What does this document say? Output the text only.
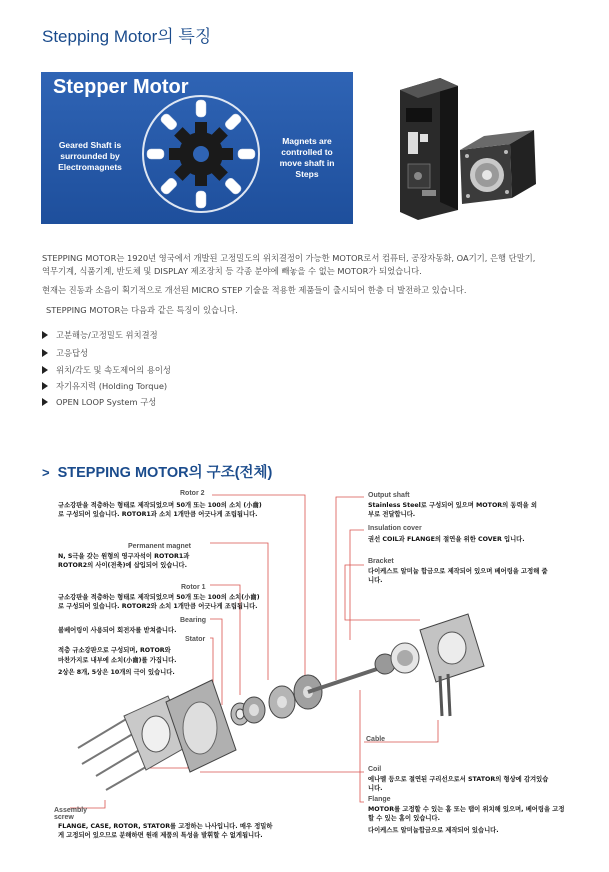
Stepping Motor의 특징
Stepper Motor
Geared Shaft is surrounded by Electromagnets
Magnets are controlled to move shaft in Steps
STEPPING MOTOR는 1920년 영국에서 개발된 고정밀도의 위치결정이 가능한 MOTOR로서 컴퓨터, 공장자동화, OA기기, 은행 단말기,
역무기계, 식품기계, 반도체 및 DISPLAY 제조장치 등 각종 분야에 빼놓을 수 없는 MOTOR가 되었습니다.
현재는 진동과 소음이 획기적으로 개선된 MICRO STEP 기술을 적용한 제품들이 출시되어 한층 더 발전하고 있습니다.
STEPPING MOTOR는 다음과 같은 특징이 있습니다.
고분해능/고정밀도 위치결정
고응답성
위치/각도 및 속도제어의 용이성
자기유지력 (Holding Torque)
OPEN LOOP System 구성
> STEPPING MOTOR의 구조(전체)
Rotor 2
규소강판을 적층하는 형태로 제작되었으며 50개 또는 100의 소치 (小齒)로 구성되어 있습니다. ROTOR1과 소치 1개만큼 어긋나게 조립됩니다.
Permanent magnet
N, S극을 갖는 원형의 영구자석이 ROTOR1과 ROTOR2의 사이(전축)에 삽입되어 있습니다.
Rotor 1
규소강판을 적층하는 형태로 제작되었으며 50개 또는 100의 소치(小齒)로 구성되어 있습니다. ROTOR2와 소치 1개만큼 어긋나게 조립됩니다.
Bearing
볼베어링이 사용되어 회전자를 받쳐줍니다.
Stator
적층 규소강판으로 구성되며, ROTOR와
마찬가지로 내부에 소치(小齒)를 가집니다.
2상은 8개, 5상은 10개의 극이 있습니다.
Assembly screw
FLANGE, CASE, ROTOR, STATOR를 고정하는 나사입니다. 매우 정밀하게 고정되어 있으므로 분해하면 원래 제품의 특성을 발휘할 수 없게됩니다.
Output shaft
Stainless Steel로 구성되어 있으며 MOTOR의 동력을 외부로 전달합니다.
Insulation cover
권선 COIL과 FLANGE의 절연을 위한 COVER 입니다.
Bracket
다이케스트 알미늄 합금으로 제작되어 있으며 베어링을 고정해 줍니다.
Cable
Coil
에나멜 등으로 절연된 구리선으로서 STATOR의 형상에 감겨있습니다.
Flange
MOTOR를 고정할 수 있는 홈 또는 탭이 위치해 있으며, 베어링을 고정할 수 있는 홈이 있습니다.
다이케스트 알미늄합금으로 제작되어 있습니다.
